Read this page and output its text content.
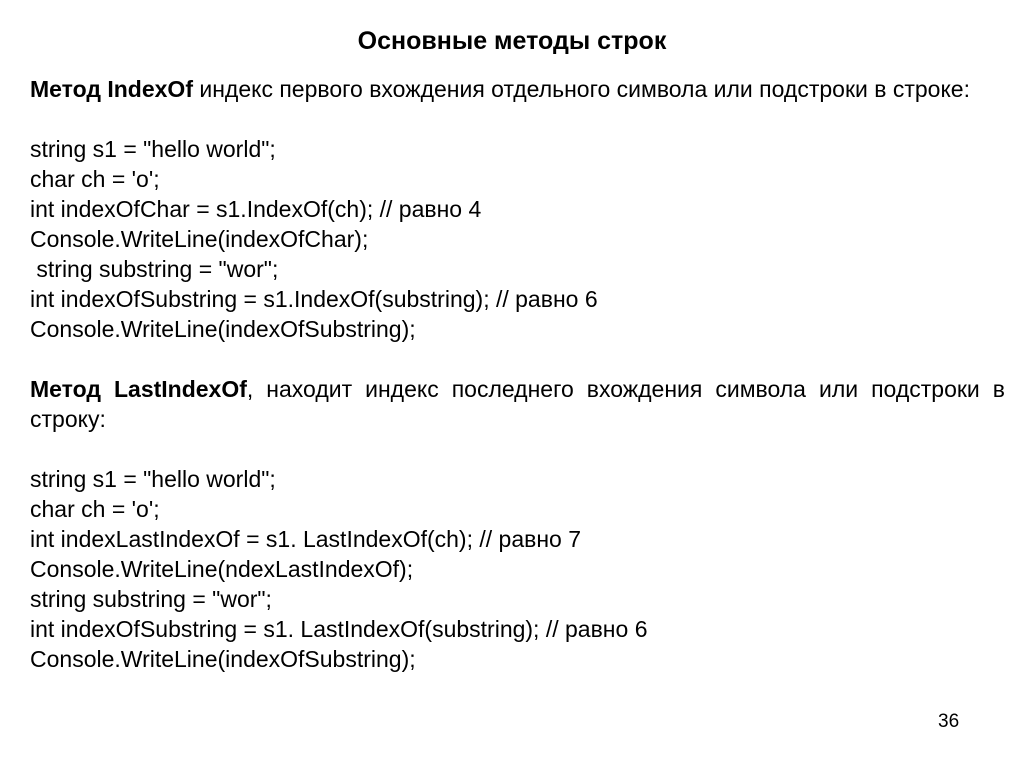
Основные методы строк

Метод IndexOf индекс первого вхождения отдельного символа или подстроки в строке:

string s1 = "hello world";
char ch = 'o';
int indexOfChar = s1.IndexOf(ch); // равно 4
Console.WriteLine(indexOfChar);
string substring = "wor";
int indexOfSubstring = s1.IndexOf(substring); // равно 6
Console.WriteLine(indexOfSubstring);

Метод LastIndexOf, находит индекс последнего вхождения символа или подстроки в строку:

string s1 = "hello world";
char ch = 'o';
int indexLastIndexOf = s1. LastIndexOf(ch); // равно 7
Console.WriteLine(ndexLastIndexOf);
string substring = "wor";
int indexOfSubstring = s1. LastIndexOf(substring); // равно 6
Console.WriteLine(indexOfSubstring);
36
